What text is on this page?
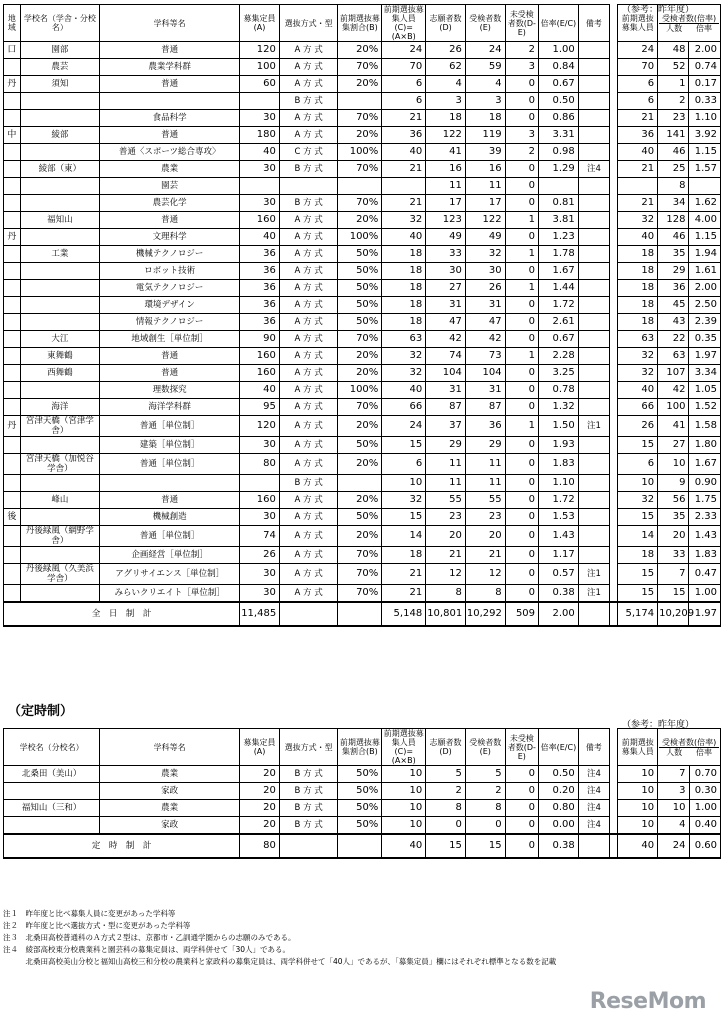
（参考：昨年度）
地域	学校名（学舎・分校名）	学科等名	募集定員(A)	選抜方式・型	前期選抜募集割合(B)	前期選抜募集人員(C)=(A×B)	志願者数(D)	受検者数(E)	未受検者数(D-E)	倍率(E/C)	備考		前期選抜募集人員	受検者数(倍率)
人数 倍率	

口	園部	普通	120	A 方 式	20%	24	26	24	2	1.00			24	48	2.00
	農芸	農業学科群	100	A 方 式	70%	70	62	59	3	0.84			70	52	0.74
丹	須知	普通	60	A 方 式	20%	6	4	4	0	0.67			6	1	0.17
				B 方 式		6	3	3	0	0.50			6	2	0.33
		食品科学	30	A 方 式	70%	21	18	18	0	0.86			21	23	1.10
中	綾部	普通	180	A 方 式	20%	36	122	119	3	3.31			36	141	3.92
		普通〈スポーツ総合専攻〉	40	C 方 式	100%	40	41	39	2	0.98			40	46	1.15
	綾部（東）	農業	30	B 方 式	70%	21	16	16	0	1.29	注4		21	25	1.57
		園芸					11	11	0					8	
		農芸化学	30	B 方 式	70%	21	17	17	0	0.81			21	34	1.62
	福知山	普通	160	A 方 式	20%	32	123	122	1	3.81			32	128	4.00
丹		文理科学	40	A 方 式	100%	40	49	49	0	1.23			40	46	1.15
	工業	機械テクノロジー	36	A 方 式	50%	18	33	32	1	1.78			18	35	1.94
		ロボット技術	36	A 方 式	50%	18	30	30	0	1.67			18	29	1.61
		電気テクノロジー	36	A 方 式	50%	18	27	26	1	1.44			18	36	2.00
		環境デザイン	36	A 方 式	50%	18	31	31	0	1.72			18	45	2.50
		情報テクノロジー	36	A 方 式	50%	18	47	47	0	2.61			18	43	2.39
	大江	地域創生［単位制］	90	A 方 式	70%	63	42	42	0	0.67			63	22	0.35
	東舞鶴	普通	160	A 方 式	20%	32	74	73	1	2.28			32	63	1.97
	西舞鶴	普通	160	A 方 式	20%	32	104	104	0	3.25			32	107	3.34
		理数探究	40	A 方 式	100%	40	31	31	0	0.78			40	42	1.05
	海洋	海洋学科群	95	A 方 式	70%	66	87	87	0	1.32			66	100	1.52
丹	宮津天橋（宮津学舎）	普通［単位制］	120	A 方 式	20%	24	37	36	1	1.50	注1		26	41	1.58
		建築［単位制］	30	A 方 式	50%	15	29	29	0	1.93			15	27	1.80
	宮津天橋（加悦谷学舎）	普通［単位制］	80	A 方 式	20%	6	11	11	0	1.83			6	10	1.67
				B 方 式		10	11	11	0	1.10			10	9	0.90
	峰山	普通	160	A 方 式	20%	32	55	55	0	1.72			32	56	1.75
後		機械創造	30	A 方 式	50%	15	23	23	0	1.53			15	35	2.33
	丹後緑風（網野学舎）	普通［単位制］	74	A 方 式	20%	14	20	20	0	1.43			14	20	1.43
		企画経営［単位制］	26	A 方 式	70%	18	21	21	0	1.17			18	33	1.83
	丹後緑風（久美浜学舎）	アグリサイエンス［単位制］	30	A 方 式	70%	21	12	12	0	0.57	注1		15	7	0.47
		みらいクリエイト［単位制］	30	A 方 式	70%	21	8	8	0	0.38	注1		15	15	1.00
全　日　制　計			11,485			5,148	10,801	10,292	509	2.00			5,174	10,209	1.97
（定時制）
（参考：昨年度）
学校名（分校名）	学科等名	募集定員(A)	選抜方式・型	前期選抜募集割合(B)	前期選抜募集人員(C)=(A×B)	志願者数(D)	受検者数(E)	未受検者数(D-E)	倍率(E/C)	備考		前期選抜募集人員	受検者数(倍率)
人数 倍率	

北桑田（美山）	農業	20	B 方 式	50%	10	5	5	0	0.50	注4		10	7	0.70
	家政	20	B 方 式	50%	10	2	2	0	0.20	注4		10	3	0.30
福知山（三和）	農業	20	B 方 式	50%	10	8	8	0	0.80	注4		10	10	1.00
	家政	20	B 方 式	50%	10	0	0	0	0.00	注4		10	4	0.40
定　時　制　計		80			40	15	15	0	0.38			40	24	0.60
注１　昨年度と比べ募集人員に変更があった学科等
注２　昨年度と比べ選抜方式・型に変更があった学科等
注３　北桑田高校普通科のＡ方式２型は、京都市・乙訓通学圏からの志願のみである。
注４　綾部高校東分校農業科と園芸科の募集定員は、両学科併せて「30人」である。
　　　北桑田高校美山分校と福知山高校三和分校の農業科と家政科の募集定員は、両学科併せて「40人」であるが、「募集定員」欄にはそれぞれ標準となる数を記載
ReseMom
